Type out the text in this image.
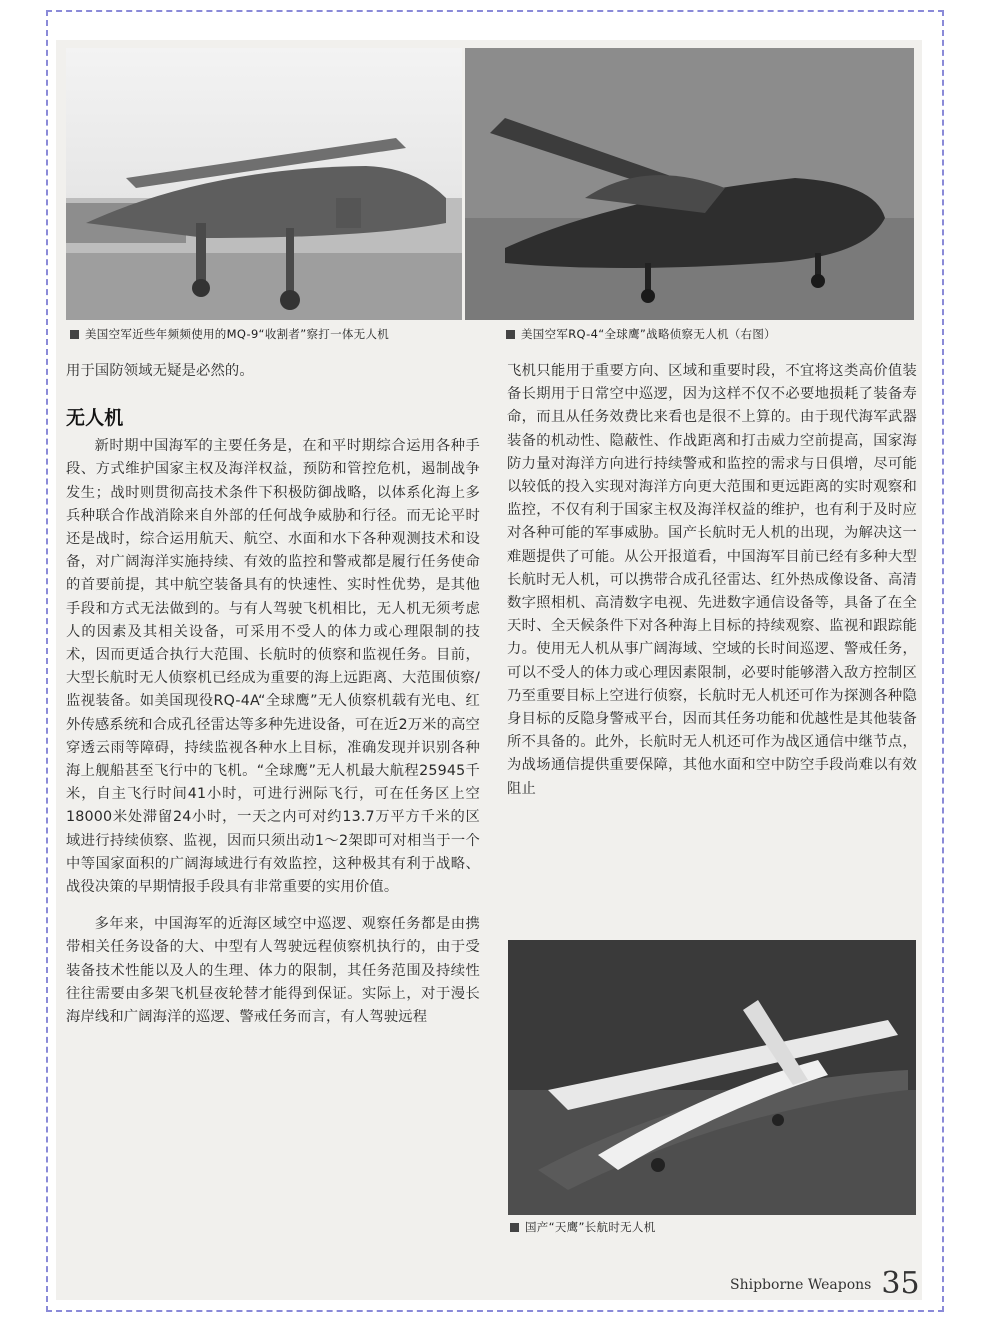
美国空军近些年频频使用的MQ-9“收割者”察打一体无人机	美国空军RQ-4“全球鹰”战略侦察无人机（右图）

用于国防领域无疑是必然的。

无人机

新时期中国海军的主要任务是，在和平时期综合运用各种手段、方式维护国家主权及海洋权益，预防和管控危机，遏制战争发生；战时则贯彻高技术条件下积极防御战略，以体系化海上多兵种联合作战消除来自外部的任何战争威胁和行径。而无论平时还是战时，综合运用航天、航空、水面和水下各种观测技术和设备，对广阔海洋实施持续、有效的监控和警戒都是履行任务使命的首要前提，其中航空装备具有的快速性、实时性优势，是其他手段和方式无法做到的。与有人驾驶飞机相比，无人机无须考虑人的因素及其相关设备，可采用不受人的体力或心理限制的技术，因而更适合执行大范围、长航时的侦察和监视任务。目前，大型长航时无人侦察机已经成为重要的海上远距离、大范围侦察/监视装备。如美国现役RQ-4A“全球鹰”无人侦察机载有光电、红外传感系统和合成孔径雷达等多种先进设备，可在近2万米的高空穿透云雨等障碍，持续监视各种水上目标，准确发现并识别各种海上舰船甚至飞行中的飞机。“全球鹰”无人机最大航程25945千米，自主飞行时间41小时，可进行洲际飞行，可在任务区上空18000米处滞留24小时，一天之内可对约13.7万平方千米的区域进行持续侦察、监视，因而只须出动1～2架即可对相当于一个中等国家面积的广阔海域进行有效监控，这种极其有利于战略、战役决策的早期情报手段具有非常重要的实用价值。

多年来，中国海军的近海区域空中巡逻、观察任务都是由携带相关任务设备的大、中型有人驾驶远程侦察机执行的，由于受装备技术性能以及人的生理、体力的限制，其任务范围及持续性往往需要由多架飞机昼夜轮替才能得到保证。实际上，对于漫长海岸线和广阔海洋的巡逻、警戒任务而言，有人驾驶远程

飞机只能用于重要方向、区域和重要时段，不宜将这类高价值装备长期用于日常空中巡逻，因为这样不仅不必要地损耗了装备寿命，而且从任务效费比来看也是很不上算的。由于现代海军武器装备的机动性、隐蔽性、作战距离和打击威力空前提高，国家海防力量对海洋方向进行持续警戒和监控的需求与日俱增，尽可能以较低的投入实现对海洋方向更大范围和更远距离的实时观察和监控，不仅有利于国家主权及海洋权益的维护，也有利于及时应对各种可能的军事威胁。国产长航时无人机的出现，为解决这一难题提供了可能。从公开报道看，中国海军目前已经有多种大型长航时无人机，可以携带合成孔径雷达、红外热成像设备、高清数字照相机、高清数字电视、先进数字通信设备等，具备了在全天时、全天候条件下对各种海上目标的持续观察、监视和跟踪能力。使用无人机从事广阔海域、空域的长时间巡逻、警戒任务，可以不受人的体力或心理因素限制，必要时能够潜入敌方控制区乃至重要目标上空进行侦察，长航时无人机还可作为探测各种隐身目标的反隐身警戒平台，因而其任务功能和优越性是其他装备所不具备的。此外，长航时无人机还可作为战区通信中继节点，为战场通信提供重要保障，其他水面和空中防空手段尚难以有效阻止

国产“天鹰”长航时无人机
Shipborne Weapons 35
